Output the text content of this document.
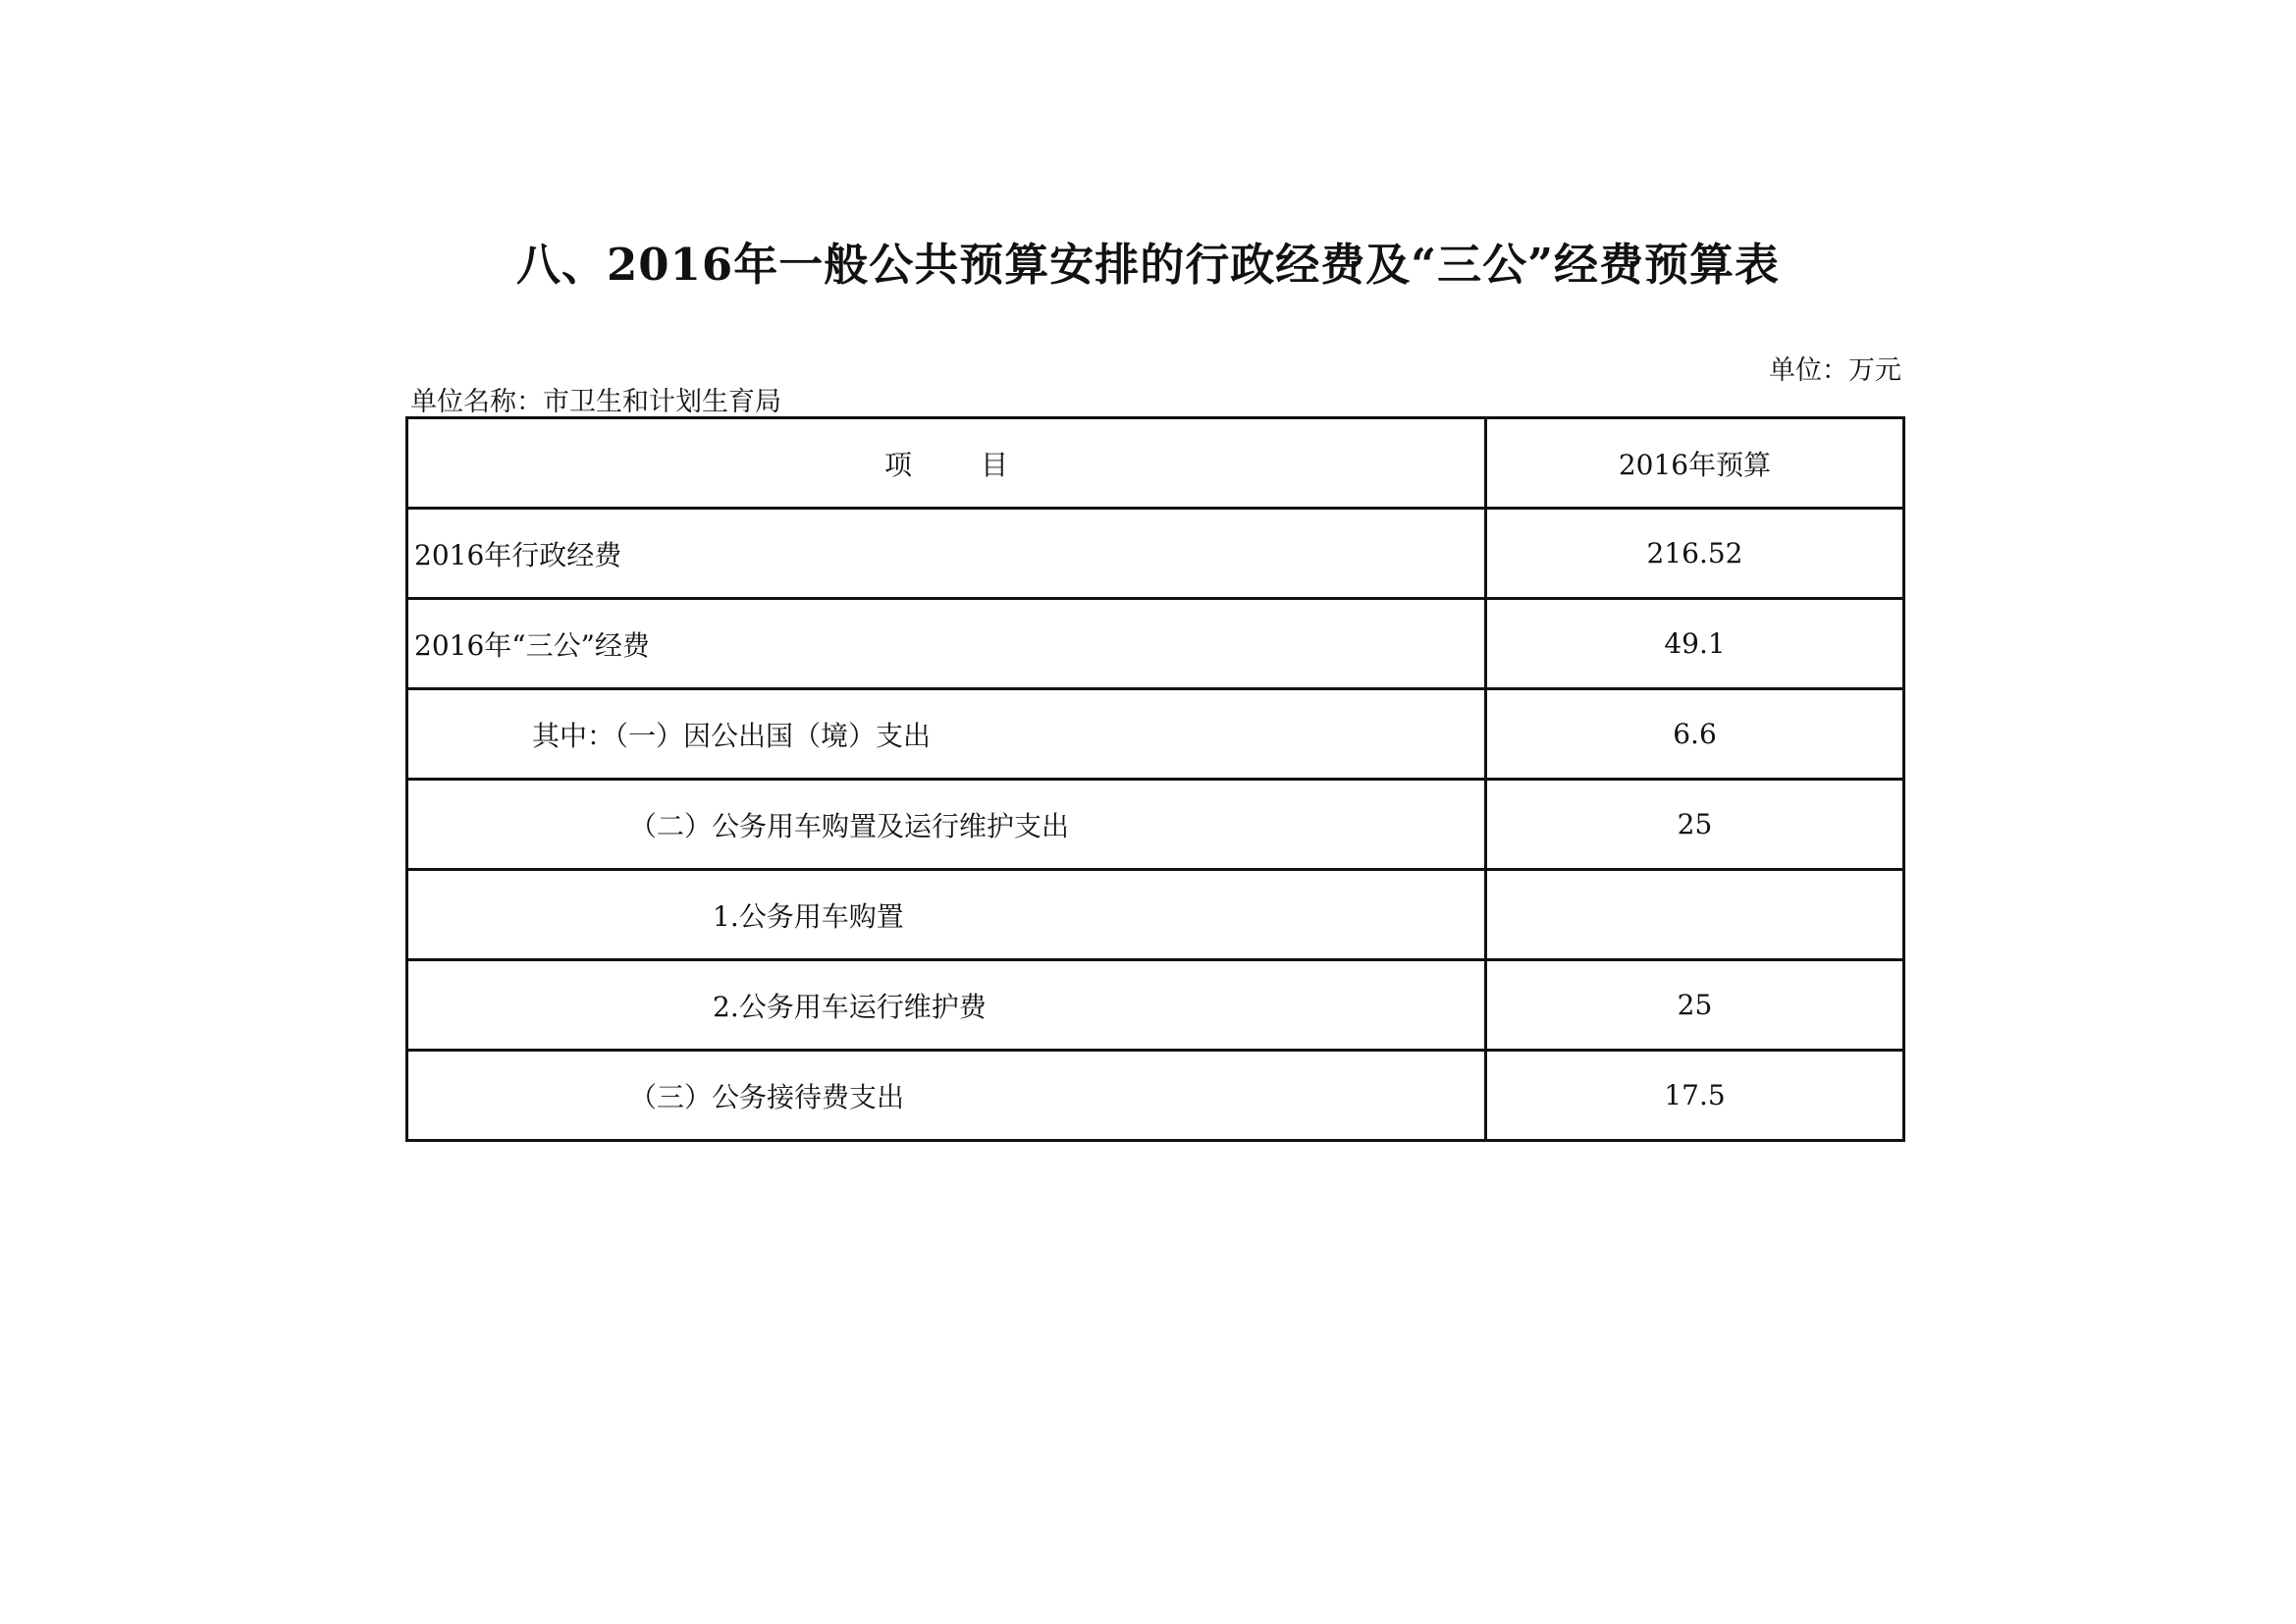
八、2016年一般公共预算安排的行政经费及“三公”经费预算表
单位：万元
单位名称：市卫生和计划生育局
项 目	2016年预算
2016年行政经费	216.52
2016年“三公”经费	49.1
其中：（一）因公出国（境）支出	6.6
（二）公务用车购置及运行维护支出	25
1.公务用车购置	
2.公务用车运行维护费	25
（三）公务接待费支出	17.5
